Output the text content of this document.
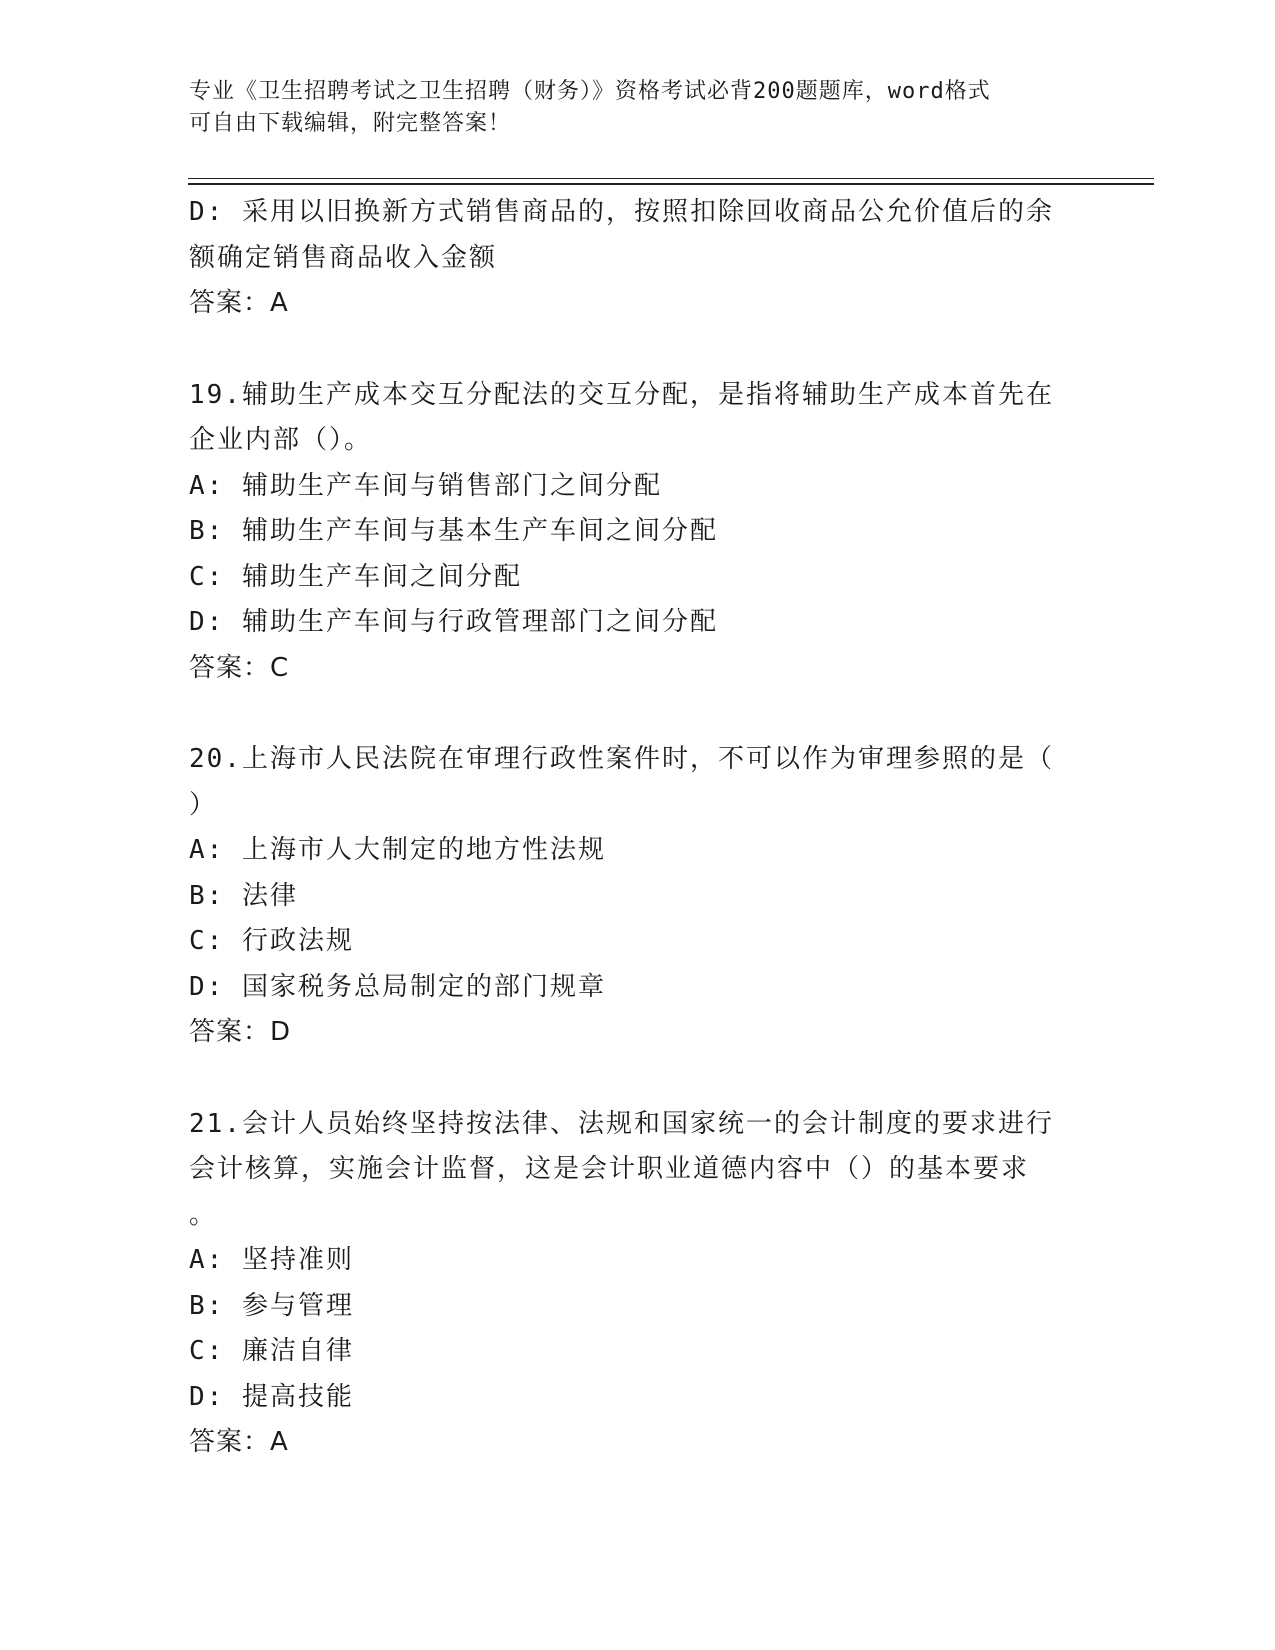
专业《卫生招聘考试之卫生招聘（财务）》资格考试必背200题题库，word格式
可自由下载编辑，附完整答案！
D: 采用以旧换新方式销售商品的，按照扣除回收商品公允价值后的余
额确定销售商品收入金额
答案：A
19.辅助生产成本交互分配法的交互分配，是指将辅助生产成本首先在
企业内部（）。
A: 辅助生产车间与销售部门之间分配
B: 辅助生产车间与基本生产车间之间分配
C: 辅助生产车间之间分配
D: 辅助生产车间与行政管理部门之间分配
答案：C
20.上海市人民法院在审理行政性案件时，不可以作为审理参照的是（
）
A: 上海市人大制定的地方性法规
B: 法律
C: 行政法规
D: 国家税务总局制定的部门规章
答案：D
21.会计人员始终坚持按法律、法规和国家统一的会计制度的要求进行
会计核算，实施会计监督，这是会计职业道德内容中（）的基本要求
。
A: 坚持准则
B: 参与管理
C: 廉洁自律
D: 提高技能
答案：A
